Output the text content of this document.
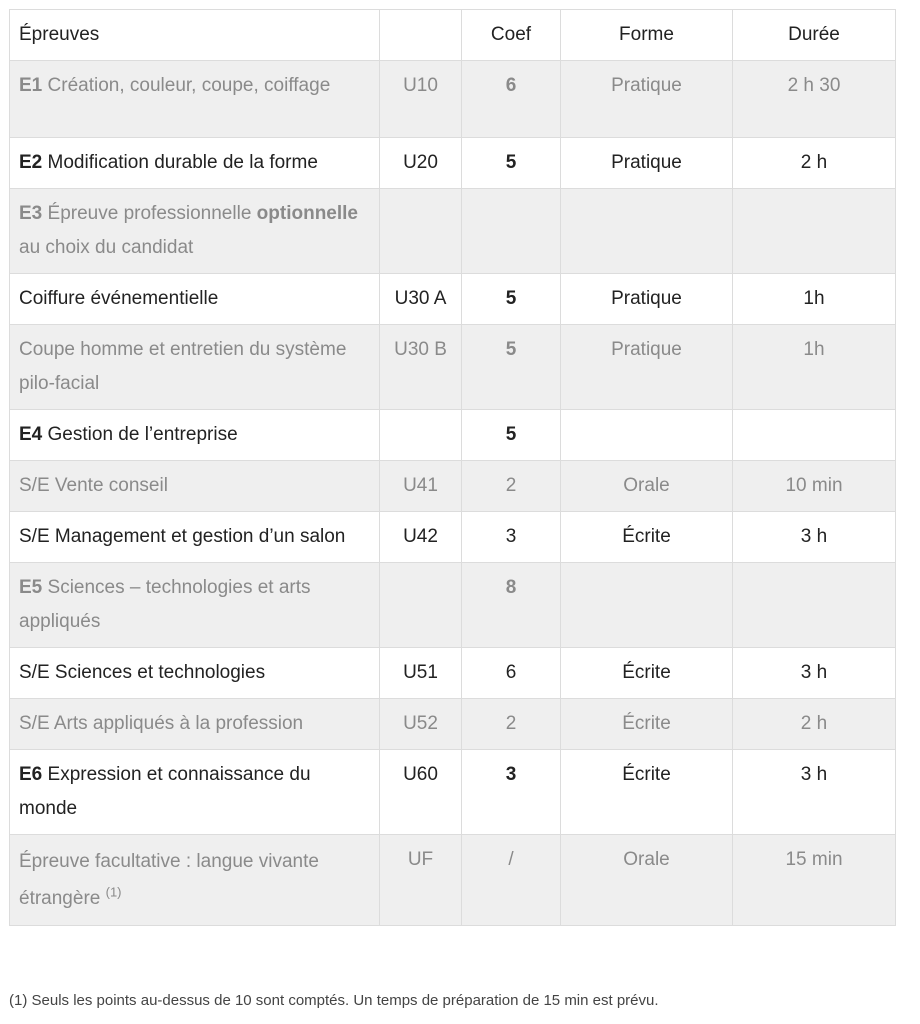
Épreuves		Coef	Forme	Durée
E1 Création, couleur, coupe, coiffage	U10	6	Pratique	2 h 30
E2 Modification durable de la forme	U20	5	Pratique	2 h
E3 Épreuve professionnelle optionnelle au choix du candidat				
Coiffure événementielle	U30 A	5	Pratique	1h
Coupe homme et entretien du système pilo-facial	U30 B	5	Pratique	1h
E4 Gestion de l’entreprise		5		
S/E Vente conseil	U41	2	Orale	10 min
S/E Management et gestion d’un salon	U42	3	Écrite	3 h
E5 Sciences – technologies et arts appliqués		8		
S/E Sciences et technologies	U51	6	Écrite	3 h
S/E Arts appliqués à la profession	U52	2	Écrite	2 h
E6 Expression et connaissance du monde	U60	3	Écrite	3 h
Épreuve facultative : langue vivante étrangère $^{(1)}$	UF	/	Orale	15 min
(1) Seuls les points au-dessus de 10 sont comptés. Un temps de préparation de 15 min est prévu.
